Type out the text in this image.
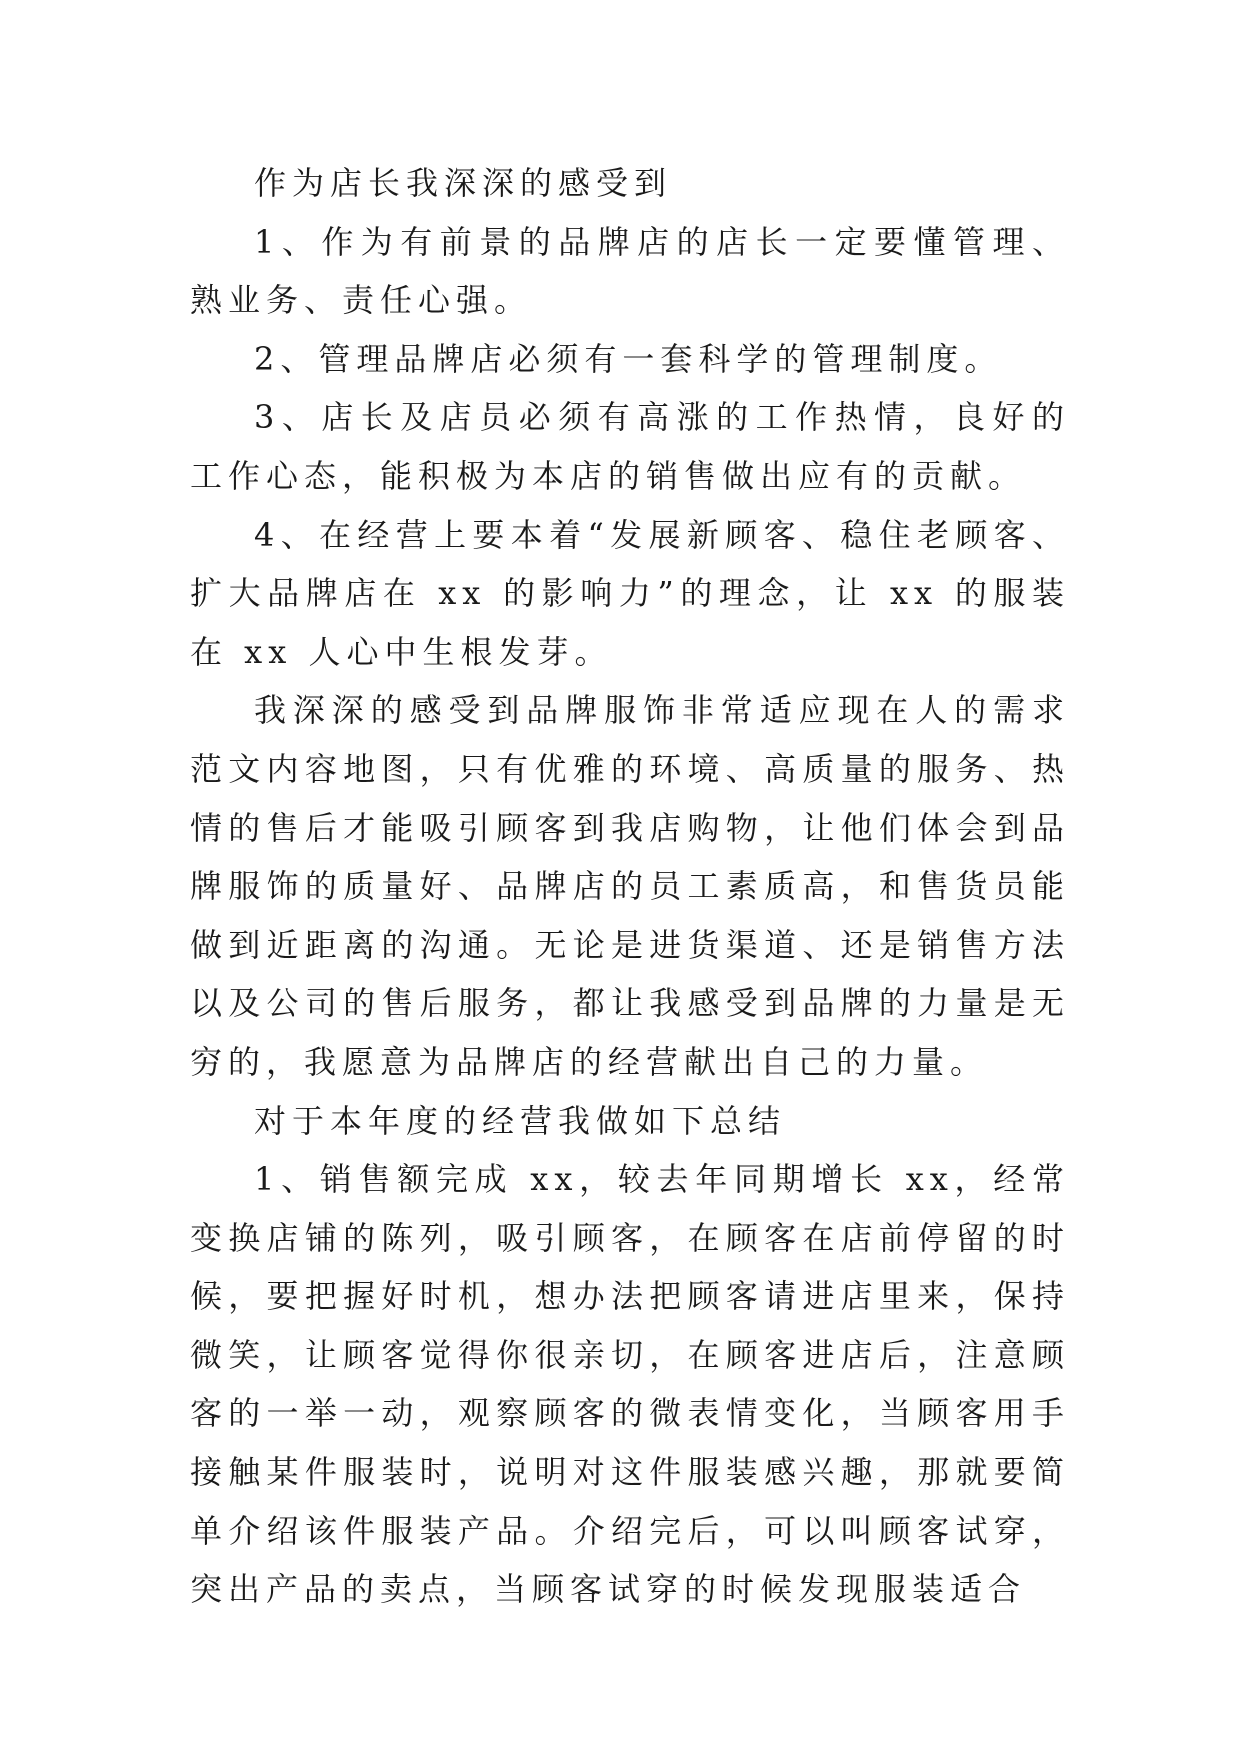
作为店长我深深的感受到

1、作为有前景的品牌店的店长一定要懂管理、熟业务、责任心强。

2、管理品牌店必须有一套科学的管理制度。

3、店长及店员必须有高涨的工作热情，良好的工作心态，能积极为本店的销售做出应有的贡献。

4、在经营上要本着“发展新顾客、稳住老顾客、扩大品牌店在 xx 的影响力”的理念，让 xx 的服装在 xx 人心中生根发芽。

我深深的感受到品牌服饰非常适应现在人的需求范文内容地图，只有优雅的环境、高质量的服务、热情的售后才能吸引顾客到我店购物，让他们体会到品牌服饰的质量好、品牌店的员工素质高，和售货员能做到近距离的沟通。无论是进货渠道、还是销售方法以及公司的售后服务，都让我感受到品牌的力量是无穷的，我愿意为品牌店的经营献出自己的力量。

对于本年度的经营我做如下总结

1、销售额完成 xx，较去年同期增长 xx，经常变换店铺的陈列，吸引顾客，在顾客在店前停留的时候，要把握好时机，想办法把顾客请进店里来，保持微笑，让顾客觉得你很亲切，在顾客进店后，注意顾客的一举一动，观察顾客的微表情变化，当顾客用手接触某件服装时，说明对这件服装感兴趣，那就要简单介绍该件服装产品。介绍完后，可以叫顾客试穿，突出产品的卖点，当顾客试穿的时候发现服装适合
